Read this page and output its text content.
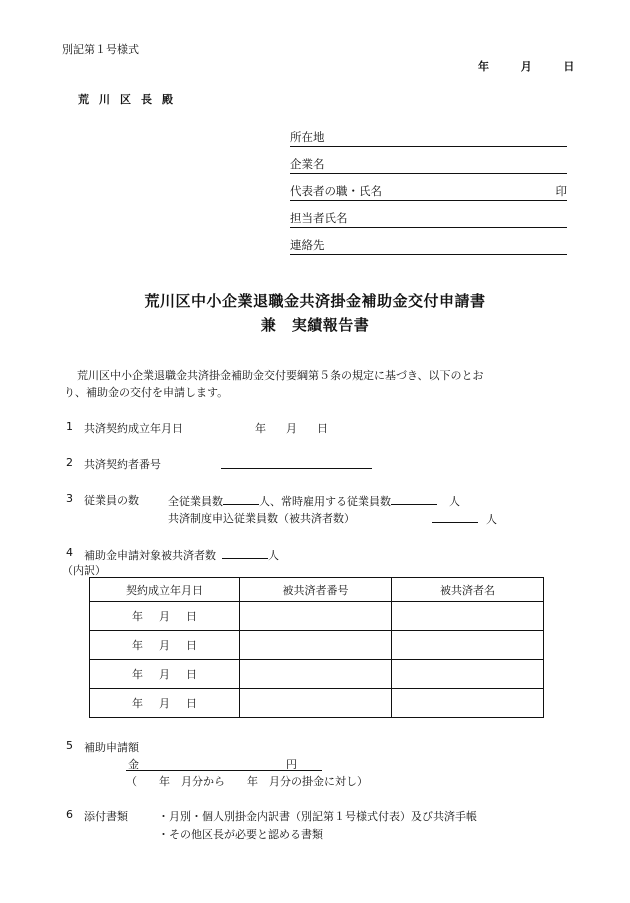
別記第１号様式
年	月	日
荒川区長殿
所在地
企業名
代表者の職・氏名	印
担当者氏名
連絡先
荒川区中小企業退職金共済掛金補助金交付申請書
兼　実績報告書
荒川区中小企業退職金共済掛金補助金交付要綱第５条の規定に基づき、以下のとお
り、補助金の交付を申請します。
1 共済契約成立年月日	年 月 日
2 共済契約者番号
3 従業員の数	全従業員数	人、常時雇用する従業員数	人
共済制度申込従業員数（被共済者数）	人
4 補助金申請対象被共済者数	人
（内訳）
契約成立年月日	被共済者番号	被共済者名
年 月 日		
年 月 日		
年 月 日		
年 月 日		
5 補助申請額
金	円
（　　年　月分から　　年　月分の掛金に対し）
6 添付書類	・月別・個人別掛金内訳書（別記第１号様式付表）及び共済手帳
・その他区長が必要と認める書類
